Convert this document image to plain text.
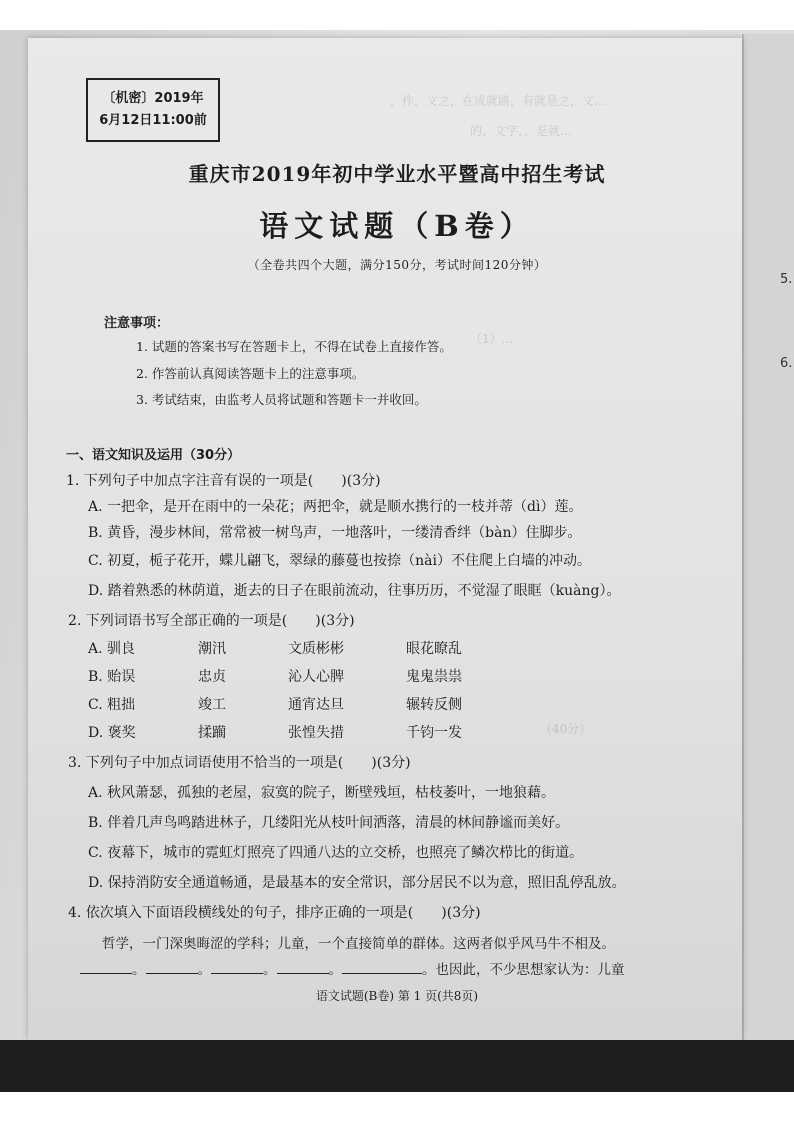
5.
6.
，作，文之，在成就路，有就是之，文...
的，文字，，是就...
（1）...
（40分）
〔机密〕2019年
6月12日11:00前
重庆市2019年初中学业水平暨高中招生考试
语文试题（B卷）
（全卷共四个大题，满分150分，考试时间120分钟）
注意事项：
1. 试题的答案书写在答题卡上，不得在试卷上直接作答。
2. 作答前认真阅读答题卡上的注意事项。
3. 考试结束，由监考人员将试题和答题卡一并收回。
一、语文知识及运用（30分）
1. 下列句子中加点字注音有误的一项是(　　)(3分)
A. 一把伞，是开在雨中的一朵花；两把伞，就是顺水携行的一枝并蒂（dì）莲。
B. 黄昏，漫步林间，常常被一树鸟声，一地落叶，一缕清香绊（bàn）住脚步。
C. 初夏，栀子花开，蝶儿翩飞，翠绿的藤蔓也按捺（nài）不住爬上白墙的冲动。
D. 踏着熟悉的林荫道，逝去的日子在眼前流动，往事历历，不觉湿了眼眶（kuàng）。
2. 下列词语书写全部正确的一项是(　　)(3分)
A. 驯良	潮汛	文质彬彬	眼花瞭乱
B. 贻误	忠贞	沁人心脾	鬼鬼祟祟
C. 粗拙	竣工	通宵达旦	辗转反侧
D. 褒奖	揉躏	张惶失措	千钧一发
3. 下列句子中加点词语使用不恰当的一项是(　　)(3分)
A. 秋风萧瑟，孤独的老屋，寂寞的院子，断壁残垣，枯枝萎叶，一地狼藉。
B. 伴着几声鸟鸣踏进林子，几缕阳光从枝叶间洒落，清晨的林间静谧而美好。
C. 夜幕下，城市的霓虹灯照亮了四通八达的立交桥，也照亮了鳞次栉比的街道。
D. 保持消防安全通道畅通，是最基本的安全常识，部分居民不以为意，照旧乱停乱放。
4. 依次填入下面语段横线处的句子，排序正确的一项是(　　)(3分)
哲学，一门深奥晦涩的学科；儿童，一个直接简单的群体。这两者似乎风马牛不相及。
。	。	。	。	。也因此，不少思想家认为：儿童
语文试题(B卷) 第 1 页(共8页)
